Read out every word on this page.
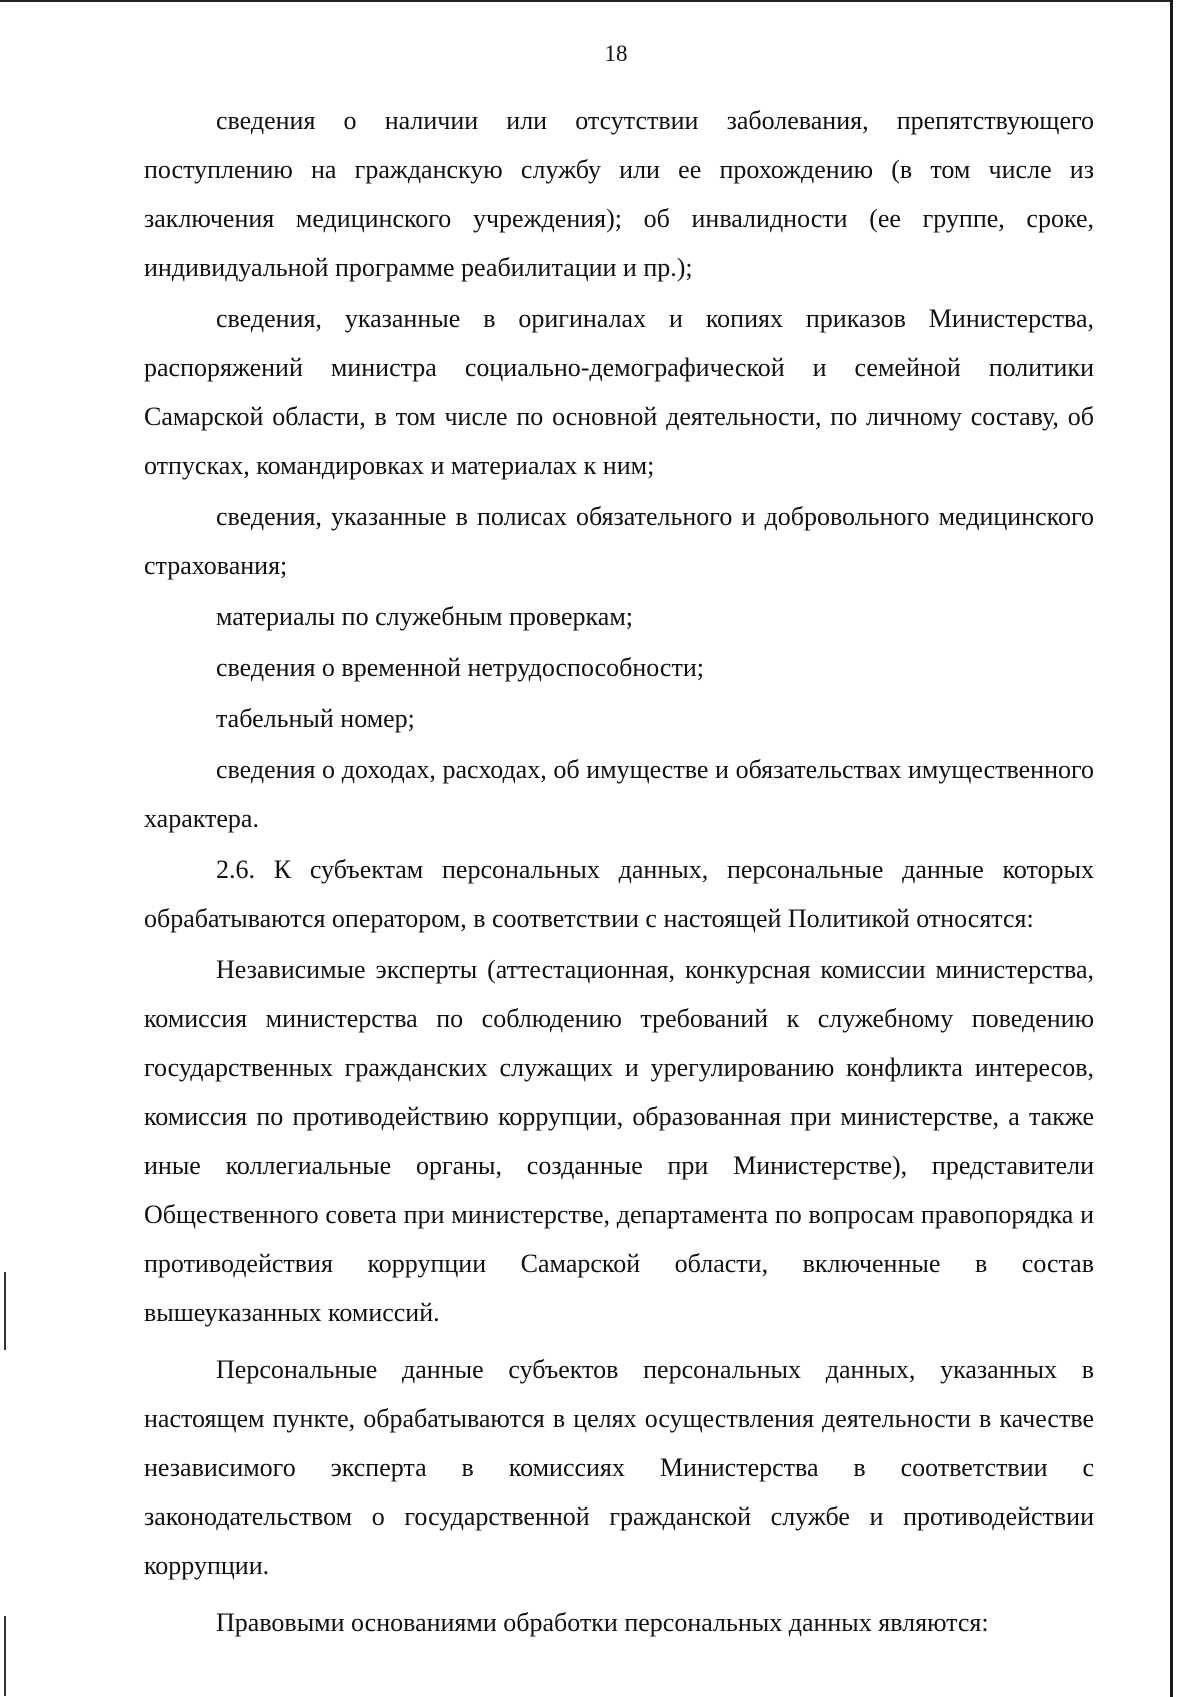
18

сведения о наличии или отсутствии заболевания, препятствующего поступлению на гражданскую службу или ее прохождению (в том числе из заключения медицинского учреждения); об инвалидности (ее группе, сроке, индивидуальной программе реабилитации и пр.);

сведения, указанные в оригиналах и копиях приказов Министерства, распоряжений министра социально-демографической и семейной политики Самарской области, в том числе по основной деятельности, по личному составу, об отпусках, командировках и материалах к ним;

сведения, указанные в полисах обязательного и добровольного медицинского страхования;

материалы по служебным проверкам;

сведения о временной нетрудоспособности;

табельный номер;

сведения о доходах, расходах, об имуществе и обязательствах имущественного характера.

2.6. К субъектам персональных данных, персональные данные которых обрабатываются оператором, в соответствии с настоящей Политикой относятся:

Независимые эксперты (аттестационная, конкурсная комиссии министерства, комиссия министерства по соблюдению требований к служебному поведению государственных гражданских служащих и урегулированию конфликта интересов, комиссия по противодействию коррупции, образованная при министерстве, а также иные коллегиальные органы, созданные при Министерстве), представители Общественного совета при министерстве, департамента по вопросам правопорядка и противодействия коррупции Самарской области, включенные в состав вышеуказанных комиссий.

Персональные данные субъектов персональных данных, указанных в настоящем пункте, обрабатываются в целях осуществления деятельности в качестве независимого эксперта в комиссиях Министерства в соответствии с законодательством о государственной гражданской службе и противодействии коррупции.

Правовыми основаниями обработки персональных данных являются:
